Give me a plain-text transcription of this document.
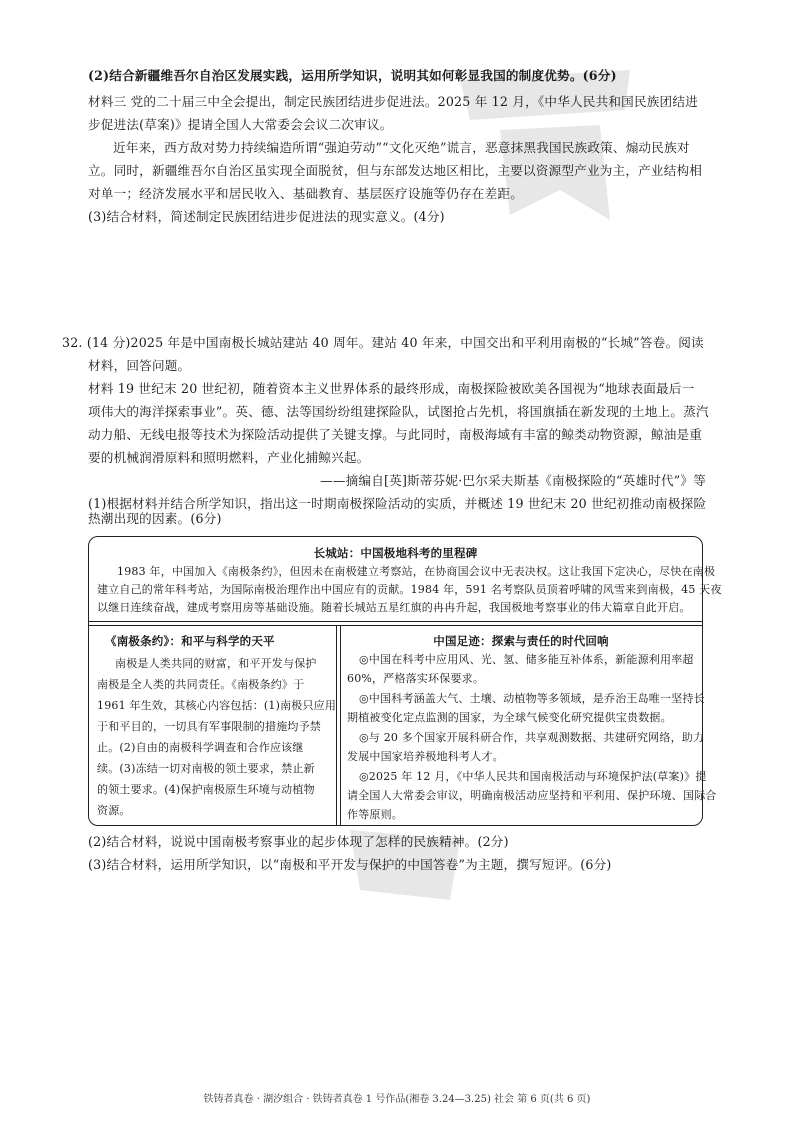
(2)结合新疆维吾尔自治区发展实践，运用所学知识，说明其如何彰显我国的制度优势。(6分)
材料三 党的二十届三中全会提出，制定民族团结进步促进法。2025 年 12 月，《中华人民共和国民族团结进
步促进法(草案)》提请全国人大常委会会议二次审议。
近年来，西方敌对势力持续编造所谓“强迫劳动”“文化灭绝”谎言，恶意抹黑我国民族政策、煽动民族对
立。同时，新疆维吾尔自治区虽实现全面脱贫，但与东部发达地区相比，主要以资源型产业为主，产业结构相
对单一；经济发展水平和居民收入、基础教育、基层医疗设施等仍存在差距。
(3)结合材料，简述制定民族团结进步促进法的现实意义。(4分)
32. (14 分)2025 年是中国南极长城站建站 40 周年。建站 40 年来，中国交出和平利用南极的“长城”答卷。阅读
材料，回答问题。
材料 19 世纪末 20 世纪初，随着资本主义世界体系的最终形成，南极探险被欧美各国视为“地球表面最后一
项伟大的海洋探索事业”。英、德、法等国纷纷组建探险队，试图抢占先机，将国旗插在新发现的土地上。蒸汽
动力船、无线电报等技术为探险活动提供了关键支撑。与此同时，南极海域有丰富的鲸类动物资源，鲸油是重
要的机械润滑原料和照明燃料，产业化捕鲸兴起。
——摘编自[英]斯蒂芬妮·巴尔采夫斯基《南极探险的“英雄时代”》等
(1)根据材料并结合所学知识，指出这一时期南极探险活动的实质，并概述 19 世纪末 20 世纪初推动南极探险
热潮出现的因素。(6分)
长城站：中国极地科考的里程碑
1983 年，中国加入《南极条约》，但因未在南极建立考察站，在协商国会议中无表决权。这让我国下定决心，尽快在南极
建立自己的常年科考站，为国际南极治理作出中国应有的贡献。1984 年，591 名考察队员顶着呼啸的风雪来到南极，45 天夜
以继日连续奋战，建成考察用房等基础设施。随着长城站五星红旗的冉冉升起，我国极地考察事业的伟大篇章自此开启。
《南极条约》：和平与科学的天平
南极是人类共同的财富，和平开发与保护
南极是全人类的共同责任。《南极条约》于
1961 年生效，其核心内容包括：(1)南极只应用
于和平目的，一切具有军事限制的措施均予禁
止。(2)自由的南极科学调查和合作应该继
续。(3)冻结一切对南极的领土要求，禁止新
的领土要求。(4)保护南极原生环境与动植物
资源。
中国足迹：探索与责任的时代回响
◎中国在科考中应用风、光、氢、储多能互补体系，新能源利用率超
60%，严格落实环保要求。
◎中国科考涵盖大气、土壤、动植物等多领域，是乔治王岛唯一坚持长
期植被变化定点监测的国家，为全球气候变化研究提供宝贵数据。
◎与 20 多个国家开展科研合作，共享观测数据、共建研究网络，助力
发展中国家培养极地科考人才。
◎2025 年 12 月，《中华人民共和国南极活动与环境保护法(草案)》提
请全国人大常委会审议，明确南极活动应坚持和平利用、保护环境、国际合
作等原则。
(2)结合材料，说说中国南极考察事业的起步体现了怎样的民族精神。(2分)
(3)结合材料，运用所学知识，以“南极和平开发与保护的中国答卷”为主题，撰写短评。(6分)
铁铸者真卷 · 湖汐组合 · 铁铸者真卷 1 号作品(湘卷 3.24—3.25) 社会 第 6 页(共 6 页)
